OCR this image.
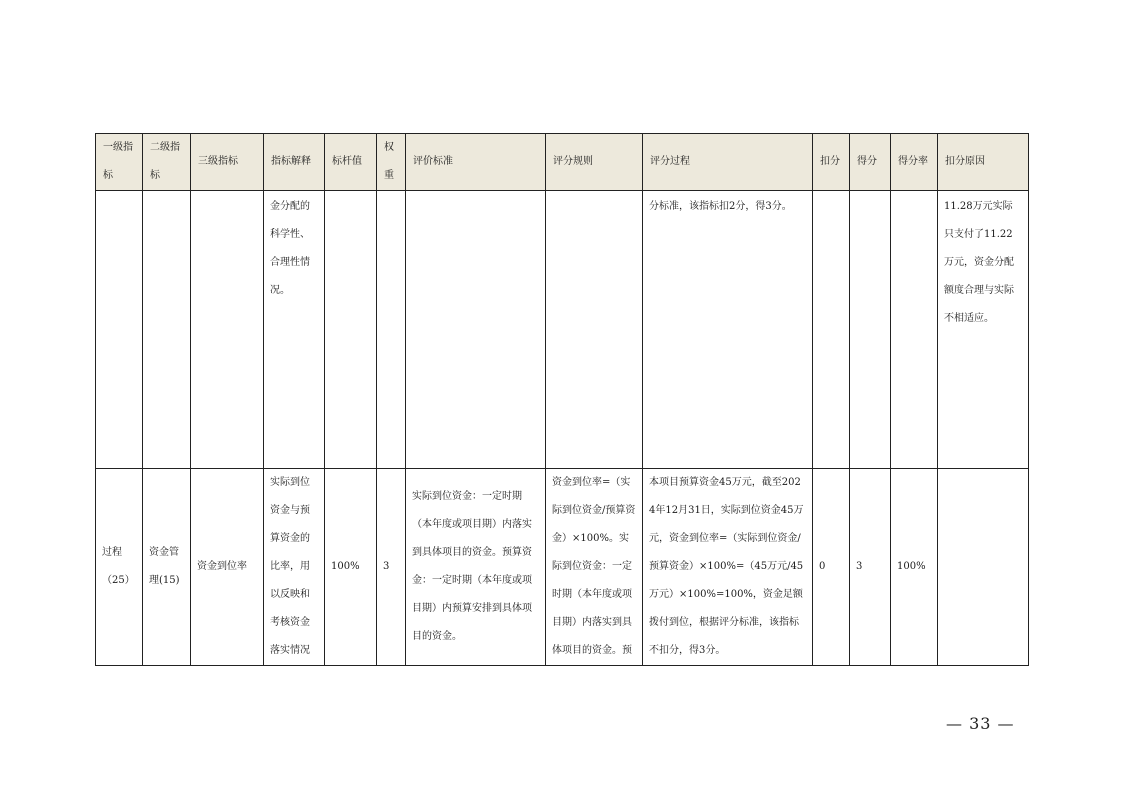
一级指标	二级指标	三级指标	指标解释	标杆值	权重	评价标准	评分规则	评分过程	扣分	得分	得分率	扣分原因

			金分配的科学性、合理性情况。					分标准，该指标扣2分，得3分。				11.28万元实际只支付了11.22万元，资金分配额度合理与实际不相适应。

过程（25）	资金管理(15)	资金到位率	实际到位资金与预算资金的比率，用以反映和考核资金落实情况	100%	3	实际到位资金：一定时期（本年度或项目期）内落实到具体项目的资金。预算资金：一定时期（本年度或项目期）内预算安排到具体项目的资金。	资金到位率=（实际到位资金/预算资金）×100%。实际到位资金：一定时期（本年度或项目期）内落实到具体项目的资金。预	本项目预算资金45万元，截至2024年12月31日，实际到位资金45万元，资金到位率=（实际到位资金/预算资金）×100%=（45万元/45万元）×100%=100%，资金足额拨付到位，根据评分标准，该指标不扣分，得3分。	0	3	100%	

— 33 —
